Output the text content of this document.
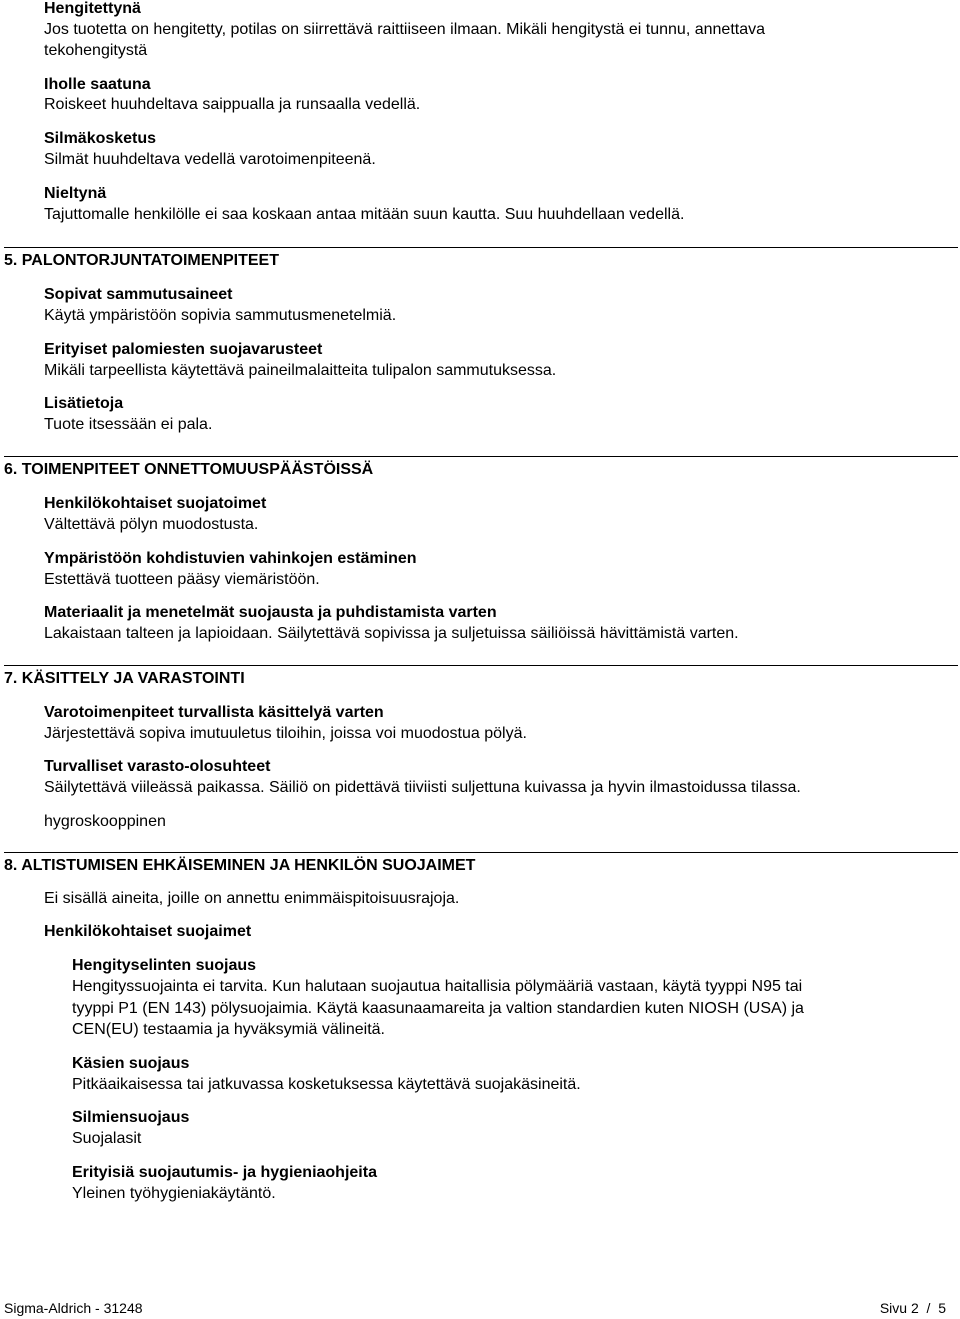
Hengitettynä
Jos tuotetta on hengitetty, potilas on siirrettävä raittiiseen ilmaan. Mikäli hengitystä ei tunnu, annettava
tekohengitystä
Iholle saatuna
Roiskeet huuhdeltava saippualla ja runsaalla vedellä.
Silmäkosketus
Silmät huuhdeltava vedellä varotoimenpiteenä.
Nieltynä
Tajuttomalle henkilölle ei saa koskaan antaa mitään suun kautta. Suu huuhdellaan vedellä.
5. PALONTORJUNTATOIMENPITEET
Sopivat sammutusaineet
Käytä ympäristöön sopivia sammutusmenetelmiä.
Erityiset palomiesten suojavarusteet
Mikäli tarpeellista käytettävä paineilmalaitteita tulipalon sammutuksessa.
Lisätietoja
Tuote itsessään ei pala.
6. TOIMENPITEET ONNETTOMUUSPÄÄSTÖISSÄ
Henkilökohtaiset suojatoimet
Vältettävä pölyn muodostusta.
Ympäristöön kohdistuvien vahinkojen estäminen
Estettävä tuotteen pääsy viemäristöön.
Materiaalit ja menetelmät suojausta ja puhdistamista varten
Lakaistaan talteen ja lapioidaan. Säilytettävä sopivissa ja suljetuissa säiliöissä hävittämistä varten.
7. KÄSITTELY JA VARASTOINTI
Varotoimenpiteet turvallista käsittelyä varten
Järjestettävä sopiva imutuuletus tiloihin, joissa voi muodostua pölyä.
Turvalliset varasto-olosuhteet
Säilytettävä viileässä paikassa. Säiliö on pidettävä tiiviisti suljettuna kuivassa ja hyvin ilmastoidussa tilassa.
hygroskooppinen
8. ALTISTUMISEN EHKÄISEMINEN JA HENKILÖN SUOJAIMET
Ei sisällä aineita, joille on annettu enimmäispitoisuusrajoja.
Henkilökohtaiset suojaimet
Hengityselinten suojaus
Hengityssuojainta ei tarvita. Kun halutaan suojautua haitallisia pölymääriä vastaan, käytä tyyppi N95 tai
tyyppi P1 (EN 143) pölysuojaimia. Käytä kaasunaamareita ja valtion standardien kuten NIOSH (USA) ja
CEN(EU) testaamia ja hyväksymiä välineitä.
Käsien suojaus
Pitkäaikaisessa tai jatkuvassa kosketuksessa käytettävä suojakäsineitä.
Silmiensuojaus
Suojalasit
Erityisiä suojautumis- ja hygieniaohjeita
Yleinen työhygieniakäytäntö.
Sigma-Aldrich - 31248	Sivu 2  /  5
